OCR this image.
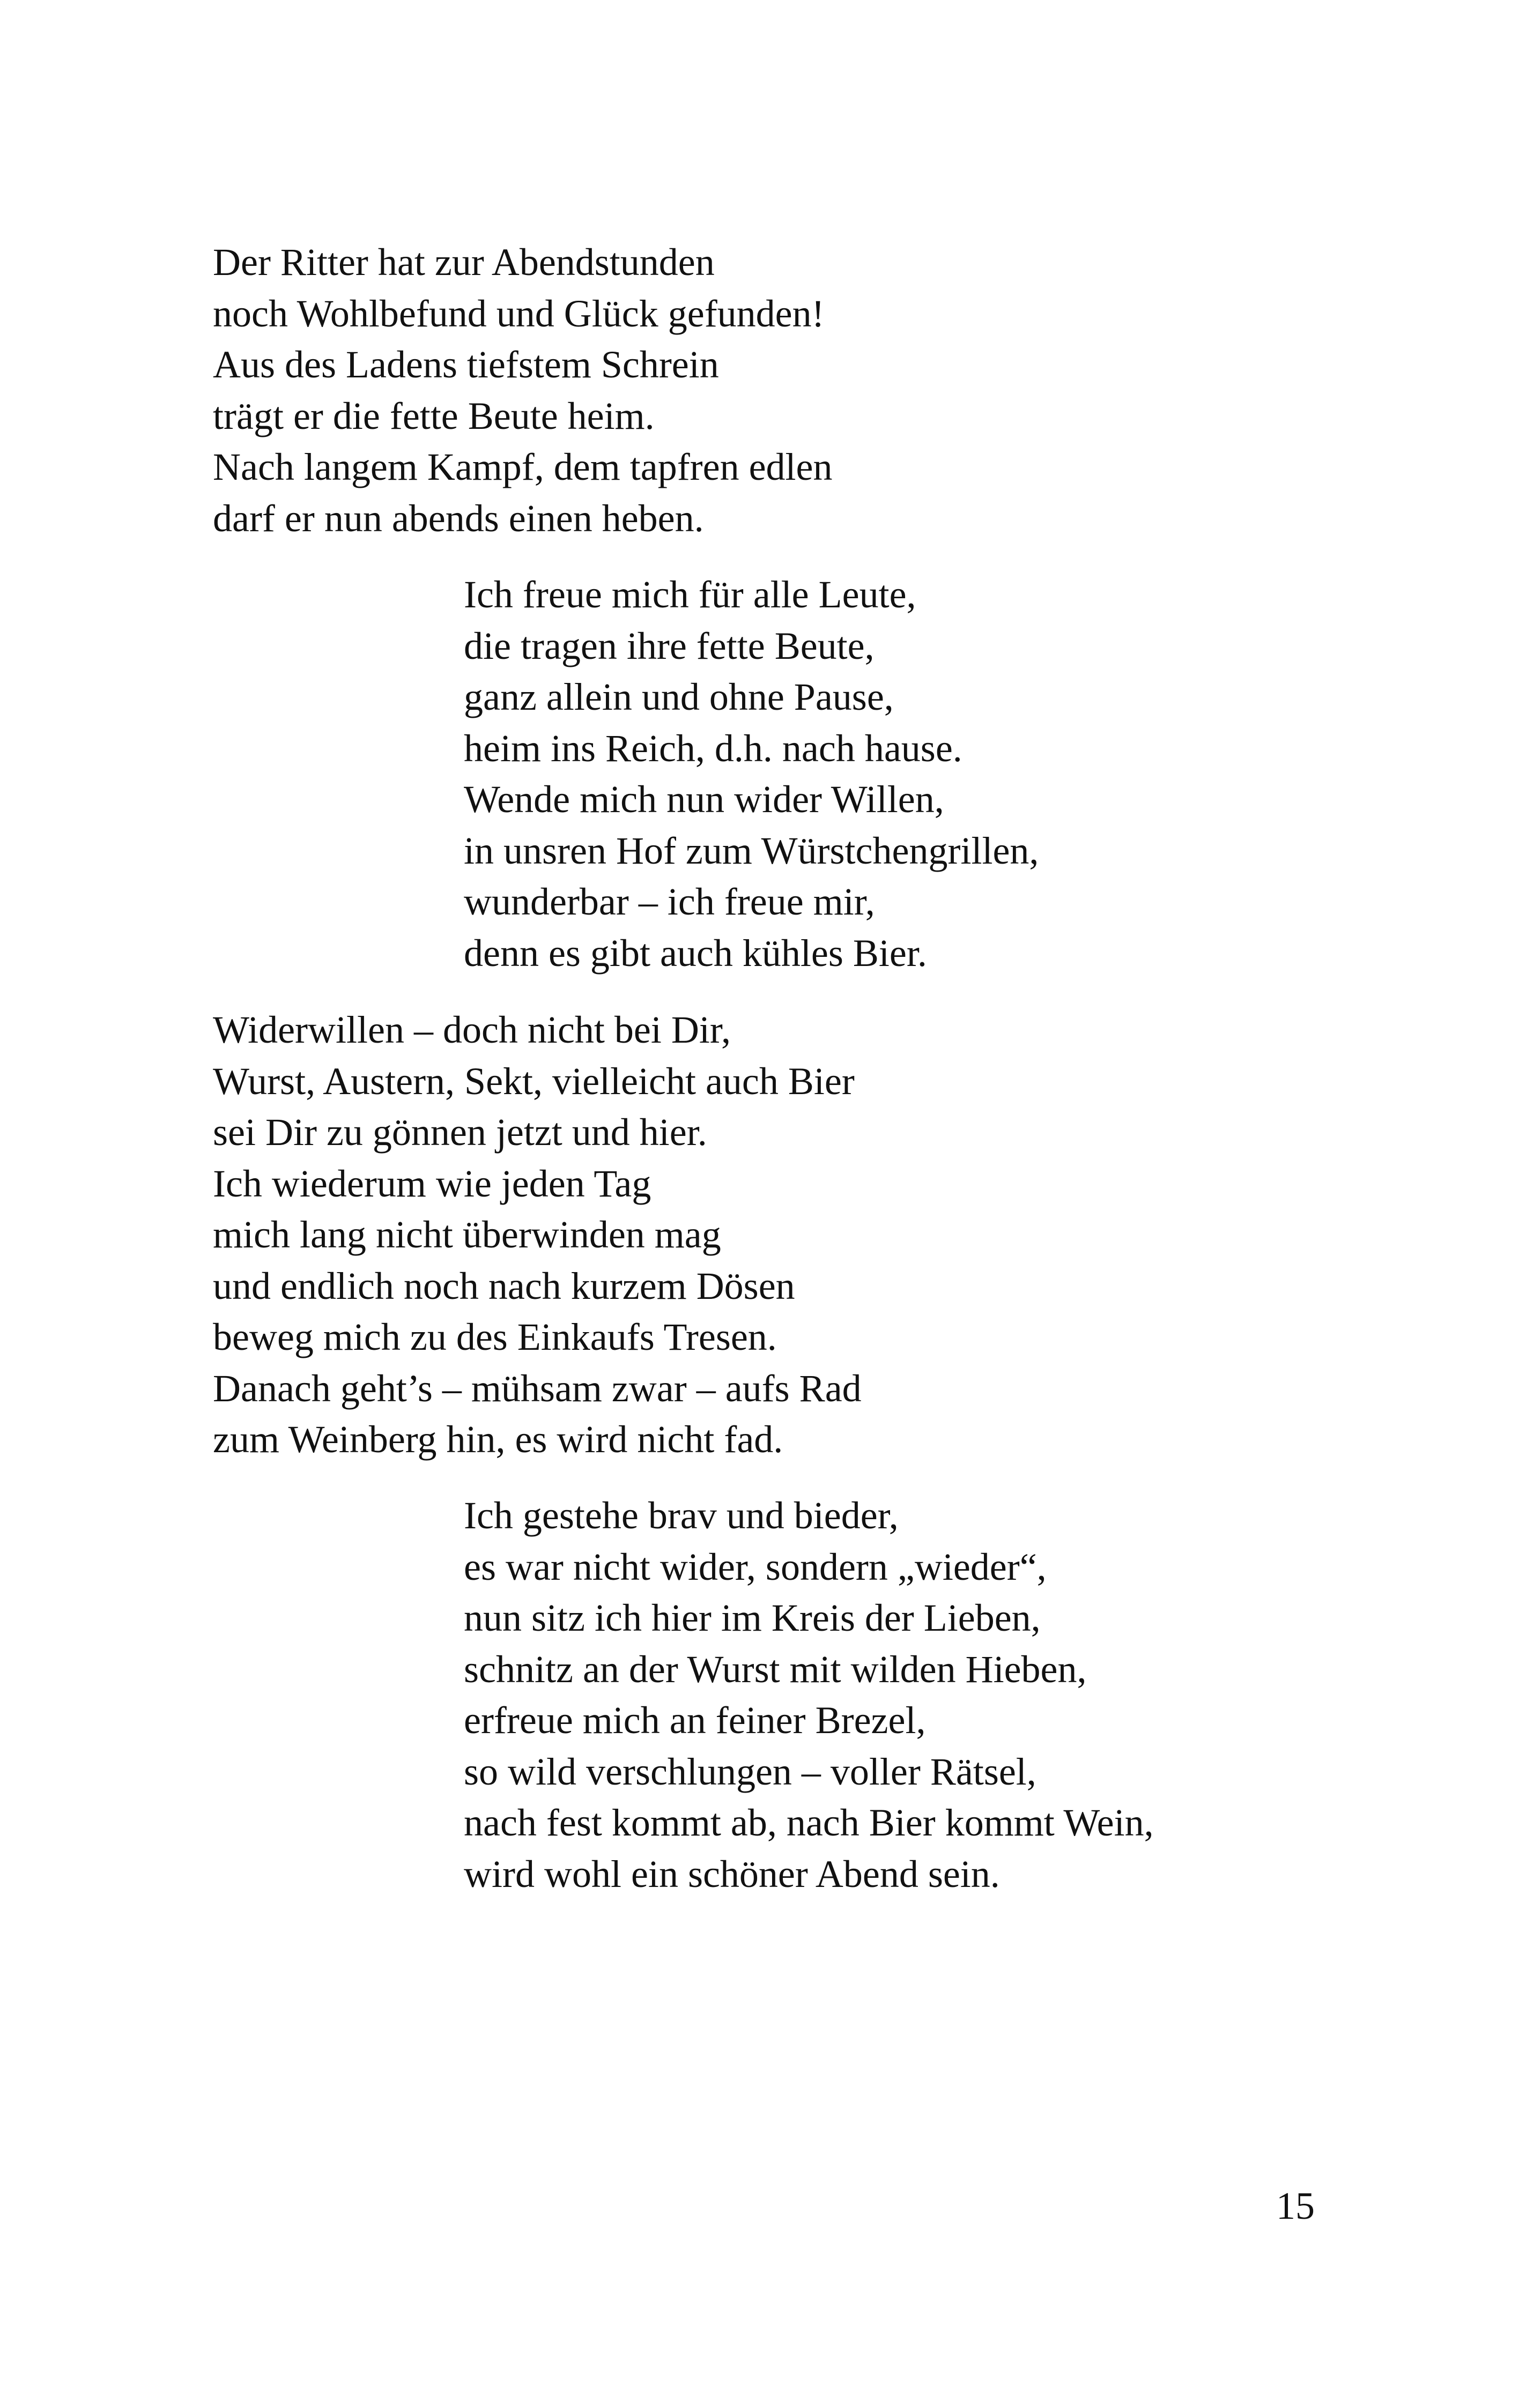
Der Ritter hat zur Abendstunden
noch Wohlbefund und Glück gefunden!
Aus des Ladens tiefstem Schrein
trägt er die fette Beute heim.
Nach langem Kampf, dem tapfren edlen
darf er nun abends einen heben.
Ich freue mich für alle Leute,
die tragen ihre fette Beute,
ganz allein und ohne Pause,
heim ins Reich, d.h. nach hause.
Wende mich nun wider Willen,
in unsren Hof zum Würstchengrillen,
wunderbar – ich freue mir,
denn es gibt auch kühles Bier.
Widerwillen – doch nicht bei Dir,
Wurst, Austern, Sekt, vielleicht auch Bier
sei Dir zu gönnen jetzt und hier.
Ich wiederum wie jeden Tag
mich lang nicht überwinden mag
und endlich noch nach kurzem Dösen
beweg mich zu des Einkaufs Tresen.
Danach geht’s – mühsam zwar – aufs Rad
zum Weinberg hin, es wird nicht fad.
Ich gestehe brav und bieder,
es war nicht wider, sondern „wieder“,
nun sitz ich hier im Kreis der Lieben,
schnitz an der Wurst mit wilden Hieben,
erfreue mich an feiner Brezel,
so wild verschlungen – voller Rätsel,
nach fest kommt ab, nach Bier kommt Wein,
wird wohl ein schöner Abend sein.
15
